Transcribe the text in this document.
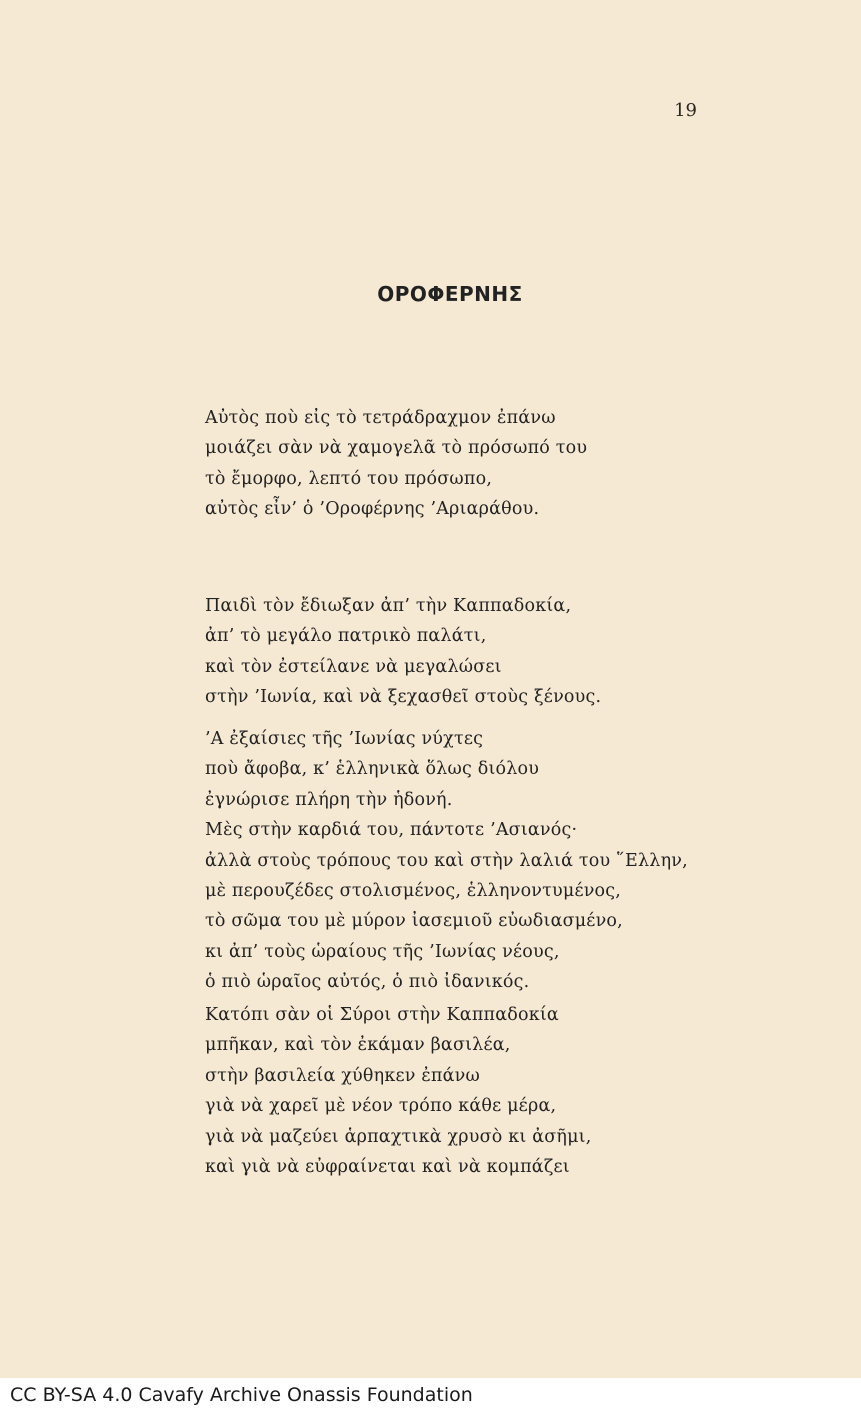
19
ΟΡΟΦΕΡΝΗΣ
Αὐτὸς ποὺ εἰς τὸ τετράδραχμον ἐπάνω
μοιάζει σὰν νὰ χαμογελᾶ τὸ πρόσωπό του
τὸ ἔμορφο, λεπτό του πρόσωπο,
αὐτὸς εἶν’ ὁ ’Οροφέρνης ’Αριαράθου.
Παιδὶ τὸν ἔδιωξαν ἀπ’ τὴν Καππαδοκία,
ἀπ’ τὸ μεγάλο πατρικὸ παλάτι,
καὶ τὸν ἐστείλανε νὰ μεγαλώσει
στὴν ’Ιωνία, καὶ νὰ ξεχασθεῖ στοὺς ξένους.
’Α ἐξαίσιες τῆς ’Ιωνίας νύχτες
ποὺ ἄφοβα, κ’ ἑλληνικὰ ὅλως διόλου
ἐγνώρισε πλήρη τὴν ἡδονή.
Μὲς στὴν καρδιά του, πάντοτε ’Ασιανός·
ἀλλὰ στοὺς τρόπους του καὶ στὴν λαλιά του ῞Ελλην,
μὲ περουζέδες στολισμένος, ἑλληνοντυμένος,
τὸ σῶμα του μὲ μύρον ἰασεμιοῦ εὐωδιασμένο,
κι ἀπ’ τοὺς ὡραίους τῆς ’Ιωνίας νέους,
ὁ πιὸ ὡραῖος αὐτός, ὁ πιὸ ἰδανικός.
Κατόπι σὰν οἱ Σύροι στὴν Καππαδοκία
μπῆκαν, καὶ τὸν ἐκάμαν βασιλέα,
στὴν βασιλεία χύθηκεν ἐπάνω
γιὰ νὰ χαρεῖ μὲ νέον τρόπο κάθε μέρα,
γιὰ νὰ μαζεύει ἁρπαχτικὰ χρυσὸ κι ἀσῆμι,
καὶ γιὰ νὰ εὐφραίνεται καὶ νὰ κομπάζει
CC BY-SA 4.0 Cavafy Archive Onassis Foundation
